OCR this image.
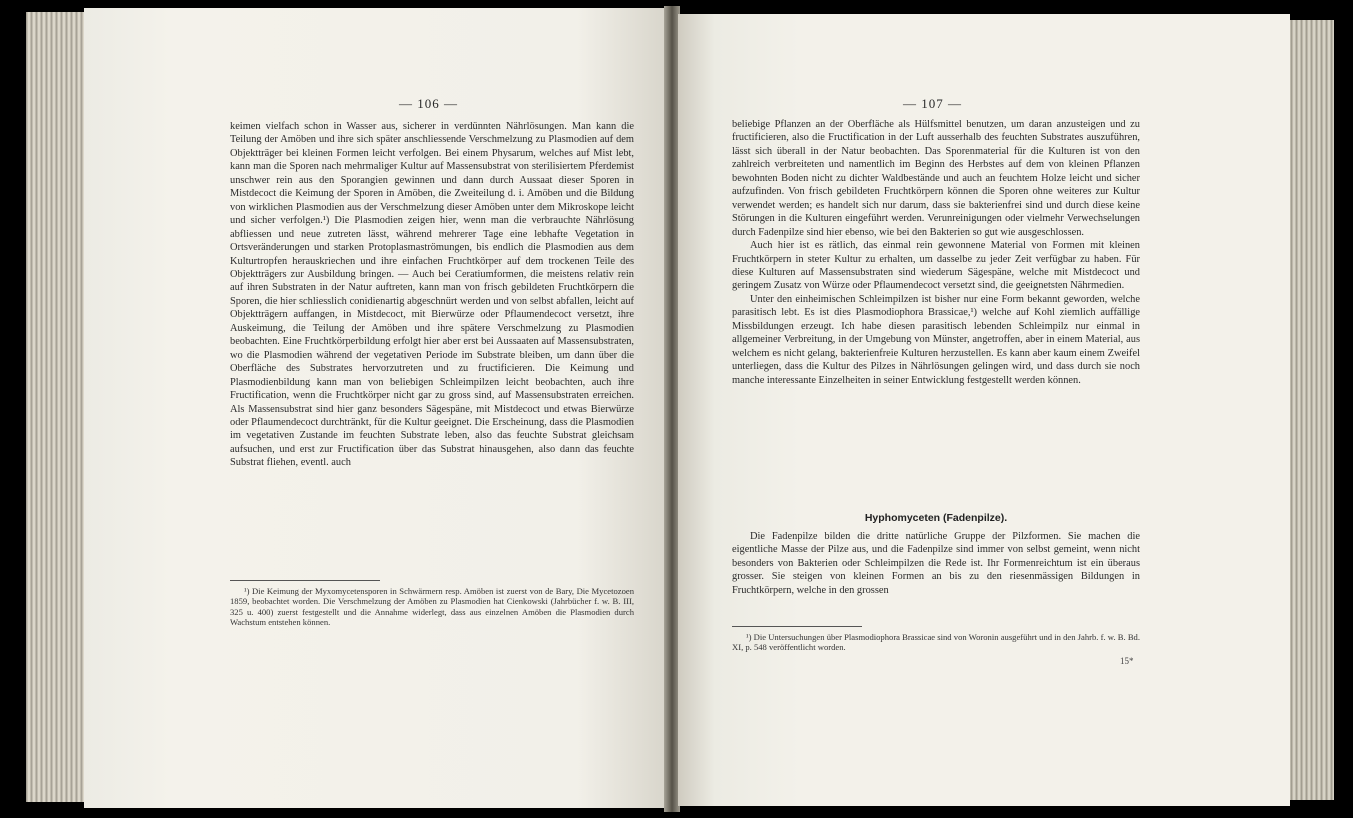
— 106 —

keimen vielfach schon in Wasser aus, sicherer in verdünnten Nährlösungen. Man kann die Teilung der Amöben und ihre sich später anschliessende Verschmelzung zu Plasmodien auf dem Objektträger bei kleinen Formen leicht verfolgen. Bei einem Physarum, welches auf Mist lebt, kann man die Sporen nach mehrmaliger Kultur auf Massensubstrat von sterilisiertem Pferdemist unschwer rein aus den Sporangien gewinnen und dann durch Aussaat dieser Sporen in Mistdecoct die Keimung der Sporen in Amöben, die Zweiteilung d. i. Amöben und die Bildung von wirklichen Plasmodien aus der Verschmelzung dieser Amöben unter dem Mikroskope leicht und sicher verfolgen.¹) Die Plasmodien zeigen hier, wenn man die verbrauchte Nährlösung abfliessen und neue zutreten lässt, während mehrerer Tage eine lebhafte Vegetation in Ortsveränderungen und starken Protoplasmaströmungen, bis endlich die Plasmodien aus dem Kulturtropfen herauskriechen und ihre einfachen Fruchtkörper auf dem trockenen Teile des Objektträgers zur Ausbildung bringen. — Auch bei Ceratiumformen, die meistens relativ rein auf ihren Substraten in der Natur auftreten, kann man von frisch gebildeten Fruchtkörpern die Sporen, die hier schliesslich conidienartig abgeschnürt werden und von selbst abfallen, leicht auf Objektträgern auffangen, in Mistdecoct, mit Bierwürze oder Pflaumendecoct versetzt, ihre Auskeimung, die Teilung der Amöben und ihre spätere Verschmelzung zu Plasmodien beobachten. Eine Fruchtkörperbildung erfolgt hier aber erst bei Aussaaten auf Massensubstraten, wo die Plasmodien während der vegetativen Periode im Substrate bleiben, um dann über die Oberfläche des Substrates hervorzutreten und zu fructificieren. Die Keimung und Plasmodienbildung kann man von beliebigen Schleimpilzen leicht beobachten, auch ihre Fructification, wenn die Fruchtkörper nicht gar zu gross sind, auf Massensubstraten erreichen. Als Massensubstrat sind hier ganz besonders Sägespäne, mit Mistdecoct und etwas Bierwürze oder Pflaumendecoct durchtränkt, für die Kultur geeignet. Die Erscheinung, dass die Plasmodien im vegetativen Zustande im feuchten Substrate leben, also das feuchte Substrat gleichsam aufsuchen, und erst zur Fructification über das Substrat hinausgehen, also dann das feuchte Substrat fliehen, eventl. auch

¹) Die Keimung der Myxomycetensporen in Schwärmern resp. Amöben ist zuerst von de Bary, Die Mycetozoen 1859, beobachtet worden. Die Verschmelzung der Amöben zu Plasmodien hat Cienkowski (Jahrbücher f. w. B. III, 325 u. 400) zuerst festgestellt und die Annahme widerlegt, dass aus einzelnen Amöben die Plasmodien durch Wachstum entstehen können.

— 107 —

beliebige Pflanzen an der Oberfläche als Hülfsmittel benutzen, um daran anzusteigen und zu fructificieren, also die Fructification in der Luft ausserhalb des feuchten Substrates auszuführen, lässt sich überall in der Natur beobachten. Das Sporenmaterial für die Kulturen ist von den zahlreich verbreiteten und namentlich im Beginn des Herbstes auf dem von kleinen Pflanzen bewohnten Boden nicht zu dichter Waldbestände und auch an feuchtem Holze leicht und sicher aufzufinden. Von frisch gebildeten Fruchtkörpern können die Sporen ohne weiteres zur Kultur verwendet werden; es handelt sich nur darum, dass sie bakterienfrei sind und durch diese keine Störungen in die Kulturen eingeführt werden. Verunreinigungen oder vielmehr Verwechselungen durch Fadenpilze sind hier ebenso, wie bei den Bakterien so gut wie ausgeschlossen.

Auch hier ist es rätlich, das einmal rein gewonnene Material von Formen mit kleinen Fruchtkörpern in steter Kultur zu erhalten, um dasselbe zu jeder Zeit verfügbar zu haben. Für diese Kulturen auf Massensubstraten sind wiederum Sägespäne, welche mit Mistdecoct und geringem Zusatz von Würze oder Pflaumendecoct versetzt sind, die geeignetsten Nährmedien.

Unter den einheimischen Schleimpilzen ist bisher nur eine Form bekannt geworden, welche parasitisch lebt. Es ist dies Plasmodiophora Brassicae,¹) welche auf Kohl ziemlich auffällige Missbildungen erzeugt. Ich habe diesen parasitisch lebenden Schleimpilz nur einmal in allgemeiner Verbreitung, in der Umgebung von Münster, angetroffen, aber in einem Material, aus welchem es nicht gelang, bakterienfreie Kulturen herzustellen. Es kann aber kaum einem Zweifel unterliegen, dass die Kultur des Pilzes in Nährlösungen gelingen wird, und dass durch sie noch manche interessante Einzelheiten in seiner Entwicklung festgestellt werden können.

Hyphomyceten (Fadenpilze).

Die Fadenpilze bilden die dritte natürliche Gruppe der Pilzformen. Sie machen die eigentliche Masse der Pilze aus, und die Fadenpilze sind immer von selbst gemeint, wenn nicht besonders von Bakterien oder Schleimpilzen die Rede ist. Ihr Formenreichtum ist ein überaus grosser. Sie steigen von kleinen Formen an bis zu den riesenmässigen Bildungen in Fruchtkörpern, welche in den grossen

¹) Die Untersuchungen über Plasmodiophora Brassicae sind von Woronin ausgeführt und in den Jahrb. f. w. B. Bd. XI, p. 548 veröffentlicht worden.

15*
